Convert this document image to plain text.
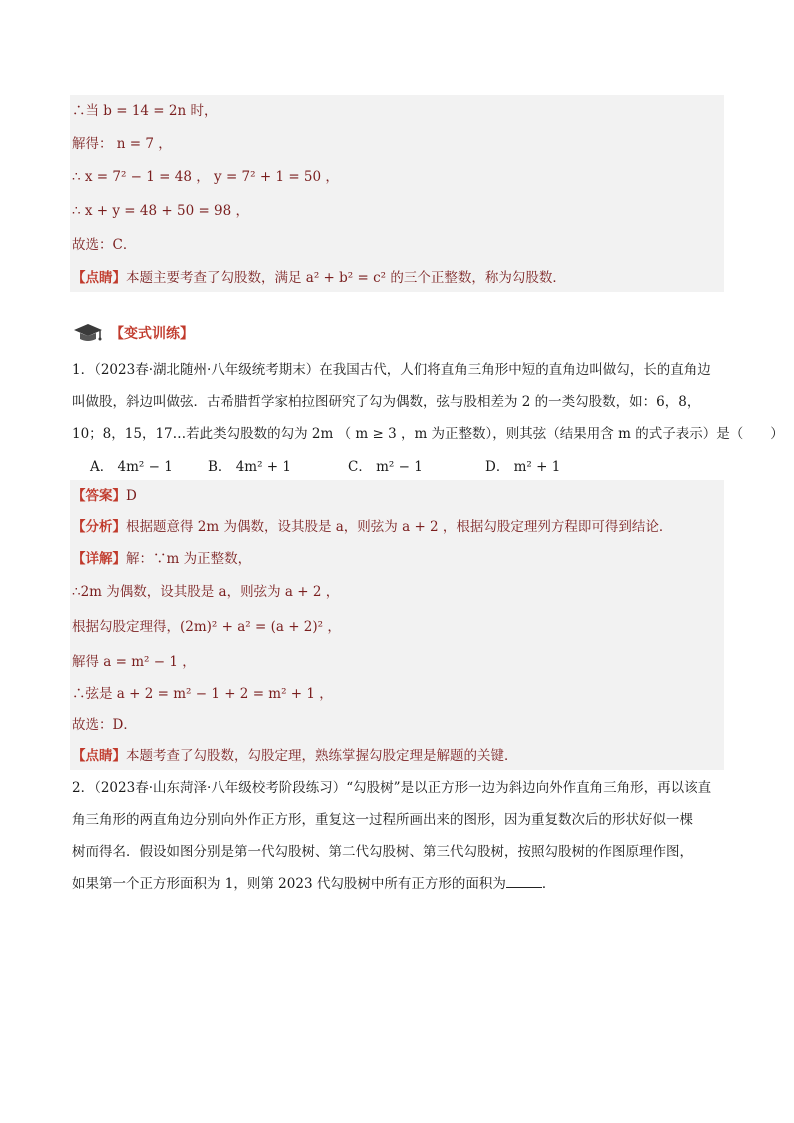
∴当 b = 14 = 2n 时，
解得： n = 7 ，
∴ x = 7² − 1 = 48 ， y = 7² + 1 = 50 ，
∴ x + y = 48 + 50 = 98 ，
故选：C．
【点睛】本题主要考查了勾股数，满足 a² + b² = c² 的三个正整数，称为勾股数．
【变式训练】
1．（2023春·湖北随州·八年级统考期末）在我国古代，人们将直角三角形中短的直角边叫做勾，长的直角边
叫做股，斜边叫做弦．古希腊哲学家柏拉图研究了勾为偶数，弦与股相差为 2 的一类勾股数，如：6，8，
10；8，15，17…若此类勾股数的勾为 2m （ m ≥ 3 ，m 为正整数），则其弦（结果用含 m 的式子表示）是（　　）
A． 4m² − 1	B． 4m² + 1	C． m² − 1	D． m² + 1
【答案】D
【分析】根据题意得 2m 为偶数，设其股是 a，则弦为 a + 2 ，根据勾股定理列方程即可得到结论．
【详解】解：∵m 为正整数，
∴2m 为偶数，设其股是 a，则弦为 a + 2 ，
根据勾股定理得，(2m)² + a² = (a + 2)² ，
解得 a = m² − 1 ，
∴弦是 a + 2 = m² − 1 + 2 = m² + 1 ，
故选：D．
【点睛】本题考查了勾股数，勾股定理，熟练掌握勾股定理是解题的关键．
2．（2023春·山东菏泽·八年级校考阶段练习）“勾股树”是以正方形一边为斜边向外作直角三角形，再以该直
角三角形的两直角边分别向外作正方形，重复这一过程所画出来的图形，因为重复数次后的形状好似一棵
树而得名．假设如图分别是第一代勾股树、第二代勾股树、第三代勾股树，按照勾股树的作图原理作图，
如果第一个正方形面积为 1，则第 2023 代勾股树中所有正方形的面积为	．
